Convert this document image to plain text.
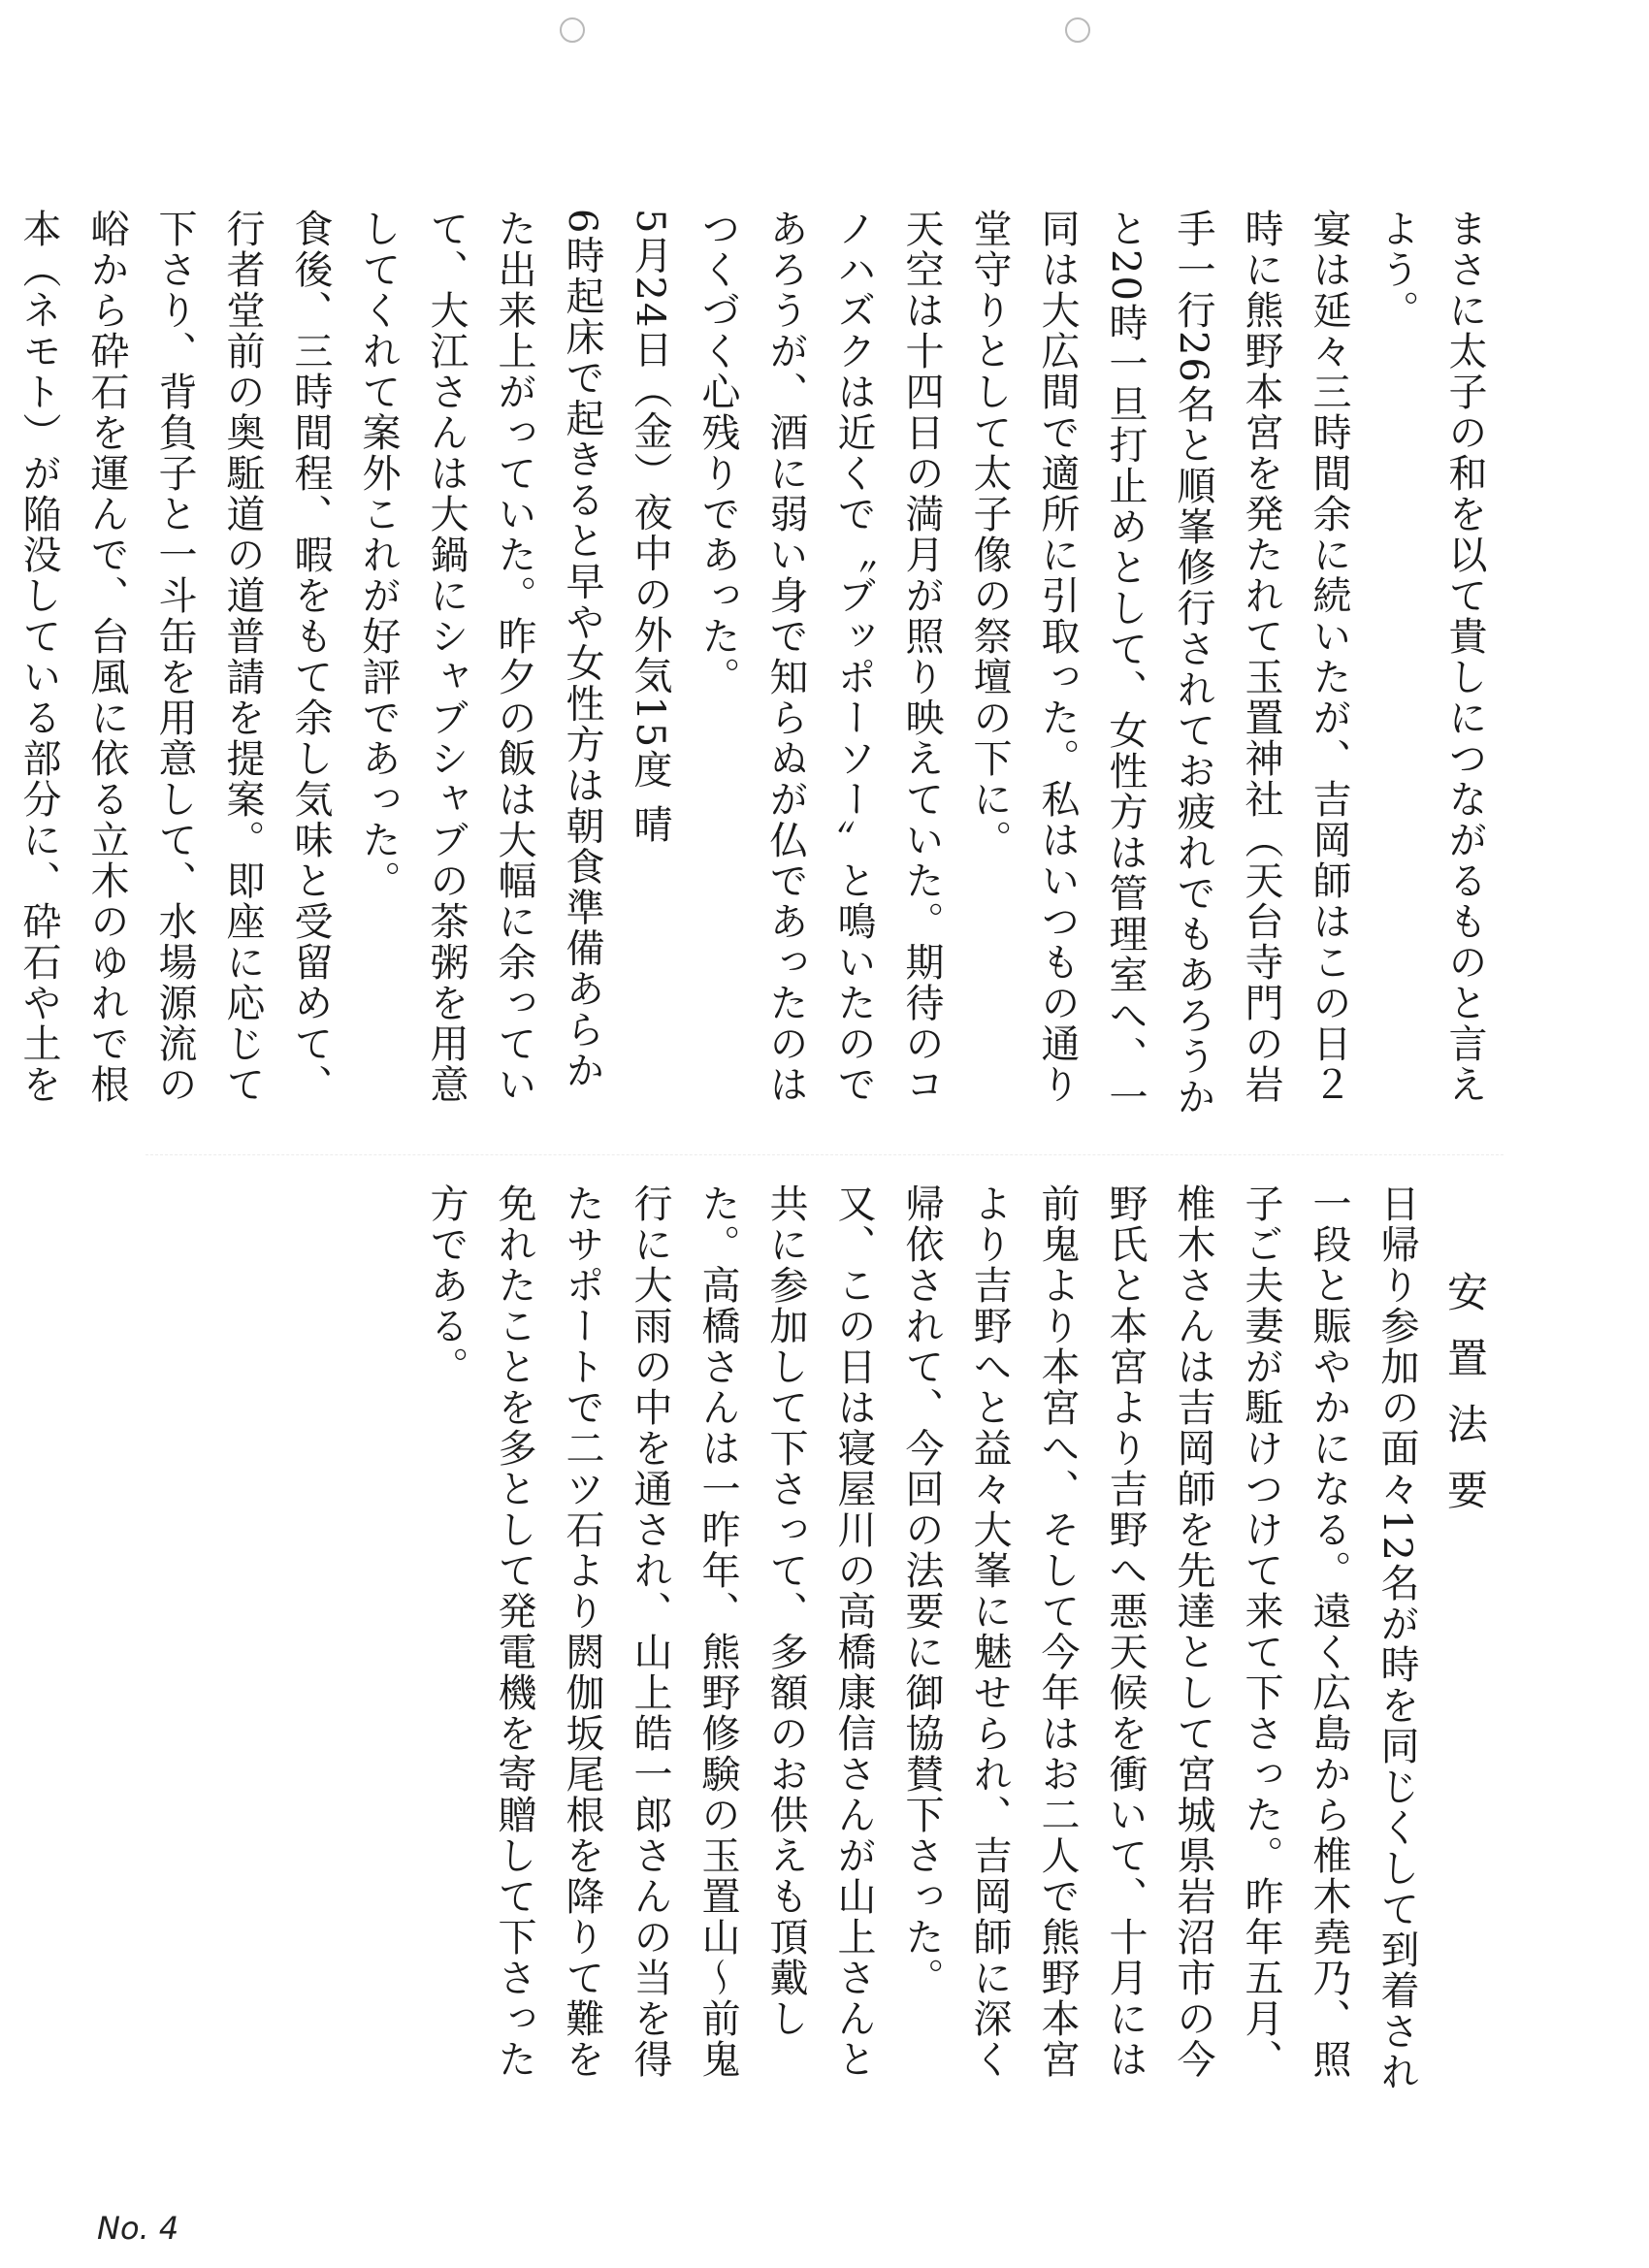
まさに太子の和を以て貴しにつながるものと言えよう。

宴は延々三時間余に続いたが、吉岡師はこの日２時に熊野本宮を発たれて玉置神社（天台寺門の岩手一行26名と順峯修行されてお疲れでもあろうかと20時一旦打止めとして、女性方は管理室へ、一同は大広間で適所に引取った。私はいつもの通り堂守りとして太子像の祭壇の下に。

天空は十四日の満月が照り映えていた。期待のコノハズクは近くで〝ブッポーソー〟と鳴いたのであろうが、酒に弱い身で知らぬが仏であったのはつくづく心残りであった。

5月24日（金）夜中の外気15度 晴

6時起床で起きると早や女性方は朝食準備あらかた出来上がっていた。昨夕の飯は大幅に余っていて、大江さんは大鍋にシャブシャブの茶粥を用意してくれて案外これが好評であった。

食後、三時間程、暇をもて余し気味と受留めて、行者堂前の奥駈道の道普請を提案。即座に応じて下さり、背負子と一斗缶を用意して、水場源流の峪から砕石を運んで、台風に依る立木のゆれで根本（ネモト）が陥没している部分に、砕石や土を

安置法要

日帰り参加の面々12名が時を同じくして到着され一段と賑やかになる。遠く広島から椎木堯乃、照子ご夫妻が駈けつけて来て下さった。昨年五月、椎木さんは吉岡師を先達として宮城県岩沼市の今野氏と本宮より吉野へ悪天候を衝いて、十月には前鬼より本宮へ、そして今年はお二人で熊野本宮より吉野へと益々大峯に魅せられ、吉岡師に深く帰依されて、今回の法要に御協賛下さった。

又、この日は寝屋川の高橋康信さんが山上さんと共に参加して下さって、多額のお供えも頂戴した。高橋さんは一昨年、熊野修験の玉置山〜前鬼行に大雨の中を通され、山上皓一郎さんの当を得たサポートで二ツ石より閼伽坂尾根を降りて難を免れたことを多として発電機を寄贈して下さった方である。

No. 4
